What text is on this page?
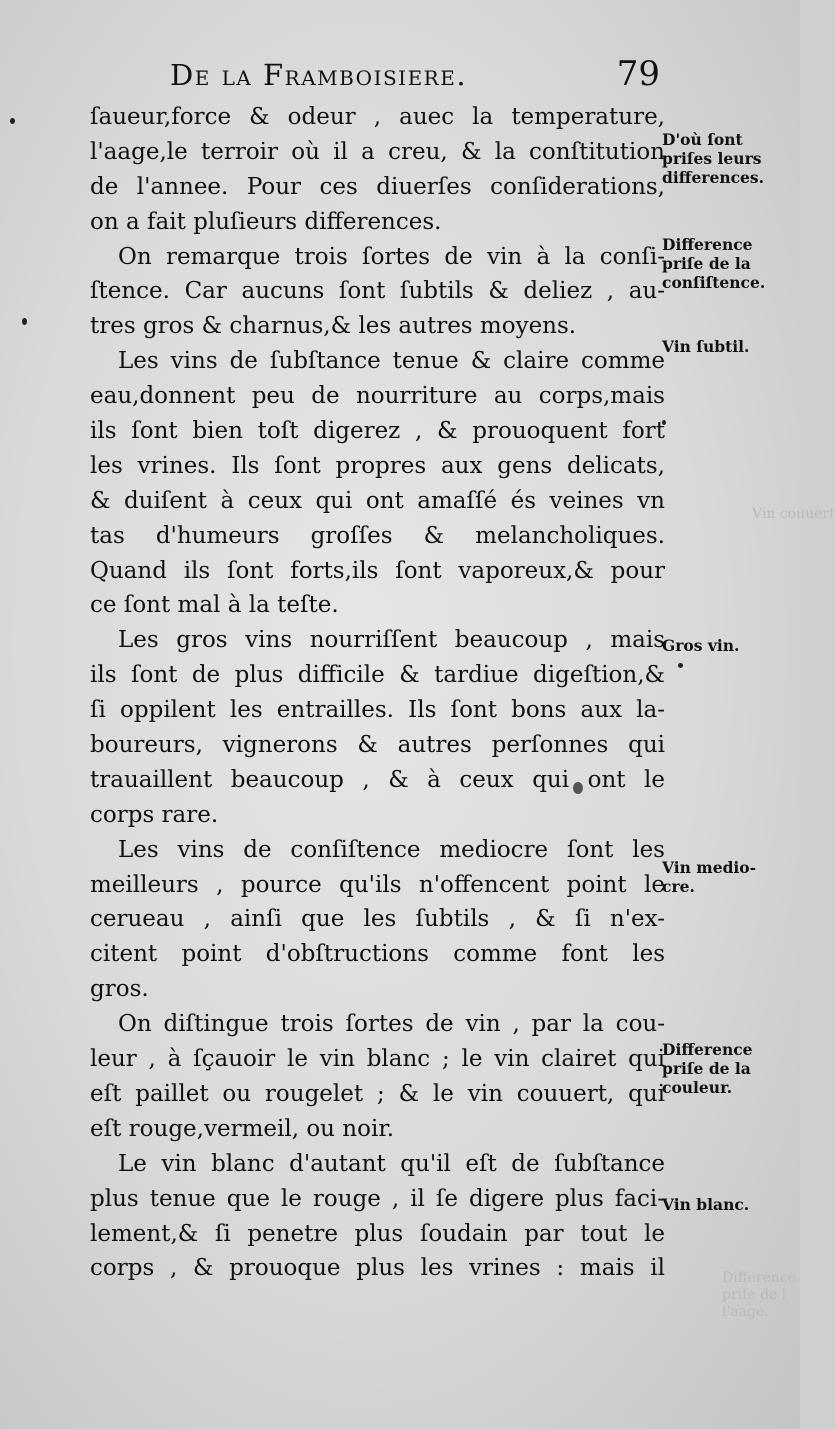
Vin couuert
Difference
priſe de l
l'aage.
De la Framboisiere.	79
ſaueur,force & odeur , auec la temperature,
l'aage,le terroir où il a creu, & la conſtitution
de l'annee. Pour ces diuerſes conſiderations,
on a fait pluſieurs differences.
On remarque trois ſortes de vin à la conſi-
ſtence. Car aucuns ſont ſubtils & deliez , au-
tres gros & charnus,& les autres moyens.
Les vins de ſubſtance tenue & claire comme
eau,donnent peu de nourriture au corps,mais
ils ſont bien toſt digerez , & prouoquent fort
les vrines. Ils ſont propres aux gens delicats,
& duiſent à ceux qui ont amaſſé és veines vn
tas d'humeurs groſſes & melancholiques.
Quand ils ſont forts,ils ſont vaporeux,& pour
ce ſont mal à la teſte.
Les gros vins nourriſſent beaucoup , mais
ils ſont de plus difficile & tardiue digeſtion,&
ſi oppilent les entrailles. Ils ſont bons aux la-
boureurs, vignerons & autres perſonnes qui
trauaillent beaucoup , & à ceux qui ont le
corps rare.
Les vins de conſiſtence mediocre ſont les
meilleurs , pource qu'ils n'offencent point le
cerueau , ainſi que les ſubtils , & ſi n'ex-
citent point d'obſtructions comme font les
gros.
On diſtingue trois ſortes de vin , par la cou-
leur , à ſçauoir le vin blanc ; le vin clairet qui
eſt paillet ou rougelet ; & le vin couuert, qui
eſt rouge,vermeil, ou noir.
Le vin blanc d'autant qu'il eſt de ſubſtance
plus tenue que le rouge , il ſe digere plus faci-
lement,& ſi penetre plus ſoudain par tout le
corps , & prouoque plus les vrines : mais il
D'où ſont
priſes leurs
differences.
Difference
priſe de la
conſiſtence.
Vin ſubtil.
Gros vin.
Vin medio-
cre.
Difference
priſe de la
couleur.
Vin blanc.
